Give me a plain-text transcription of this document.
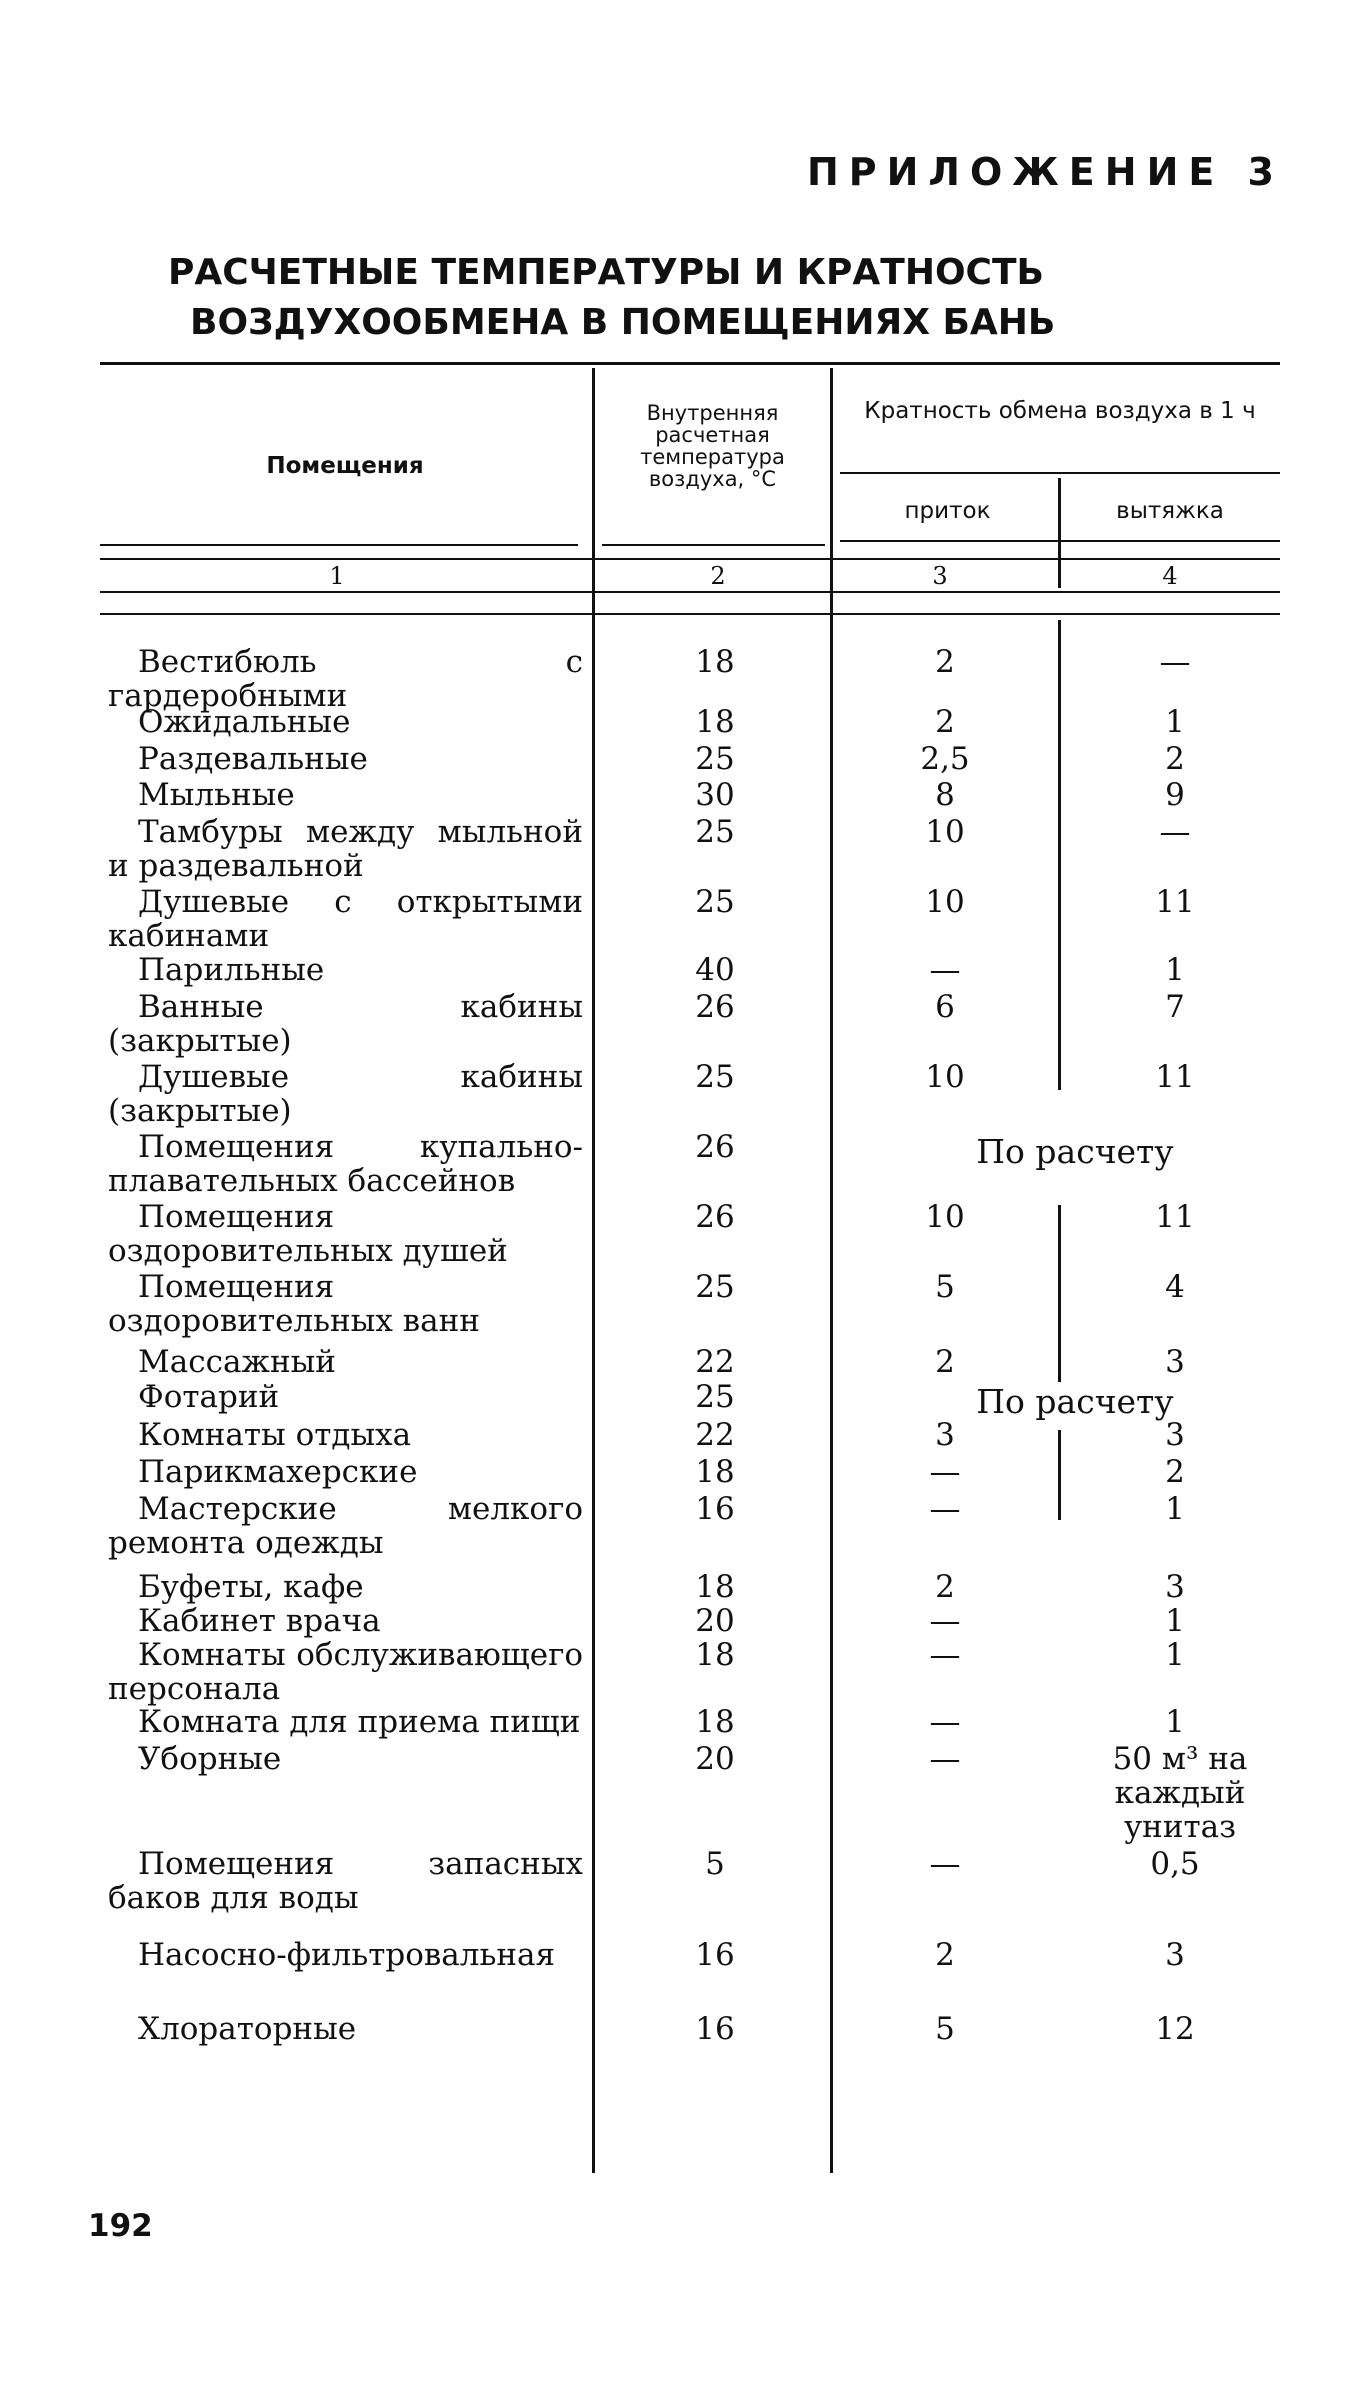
ПРИЛОЖЕНИЕ 3
РАСЧЕТНЫЕ ТЕМПЕРАТУРЫ И КРАТНОСТЬ
ВОЗДУХООБМЕНА В ПОМЕЩЕНИЯХ БАНЬ
Помещения
Внутренняя расчетная температура воздуха, °С
Кратность обмена воздуха в 1 ч
приток	вытяжка
1	2	3	4
Вестибюль с гардеробными
18	2	—
Ожидальные	18	2	1
Раздевальные	25	2,5	2
Мыльные	30	8	9
Тамбуры между мыльной и раздевальной
25	10	—
Душевые с открытыми кабинами
25	10	11
Парильные	40	—	1
Ванные кабины (закрытые)
26	6	7
Душевые кабины (закрытые)
25	10	11
Помещения купально-плавательных бассейнов
26	По расчету
Помещения оздоровительных душей
26	10	11
Помещения оздоровительных ванн
25	5	4
Массажный	22	2	3
Фотарий	25	По расчету
Комнаты отдыха	22	3	3
Парикмахерские	18	—	2
Мастерские мелкого ремонта одежды
16	—	1
Буфеты, кафе	18	2	3
Кабинет врача	20	—	1
Комнаты обслуживающего персонала
18	—	1
Комната для приема пищи	18	—	1
Уборные	20	—	50 м³ на каждый унитаз
Помещения запасных баков для воды
5	—	0,5
Насосно-фильтровальная	16	2	3
Хлораторные	16	5	12
192
